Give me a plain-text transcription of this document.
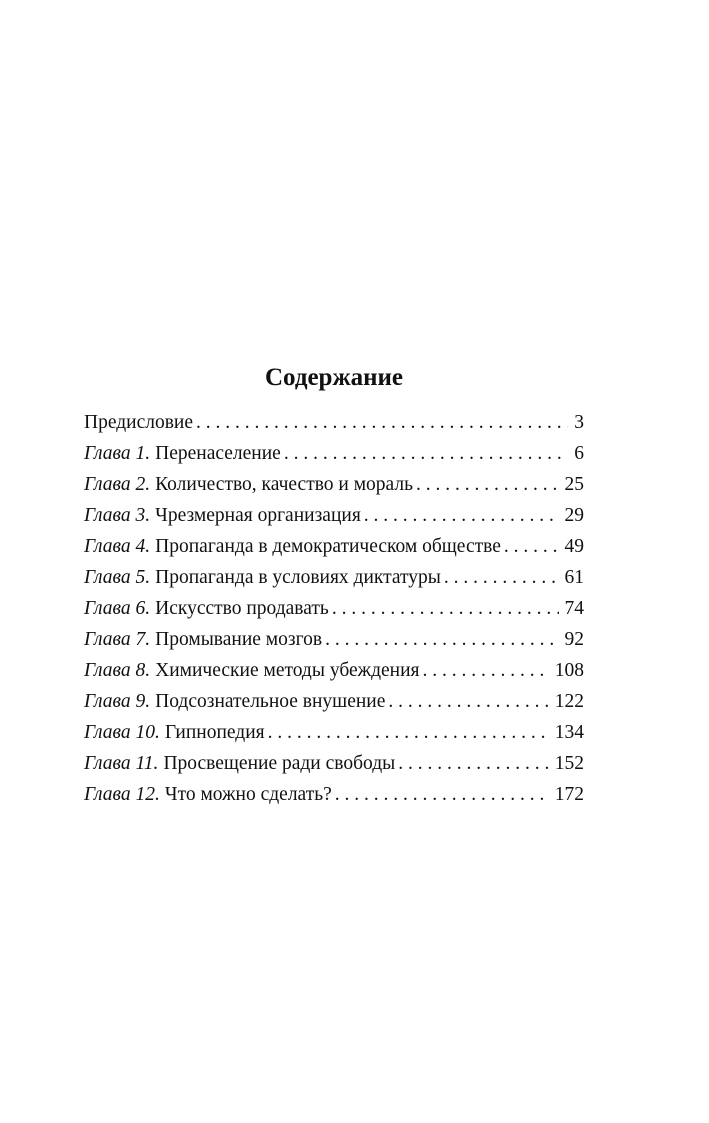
Содержание
Предисловие . . .	3
Глава 1. Перенаселение . . .	6
Глава 2. Количество, качество и мораль . . .	25
Глава 3. Чрезмерная организация . . .	29
Глава 4. Пропаганда в демократическом обществе . . .	49
Глава 5. Пропаганда в условиях диктатуры . . .	61
Глава 6. Искусство продавать . . .	74
Глава 7. Промывание мозгов . . .	92
Глава 8. Химические методы убеждения . . .	108
Глава 9. Подсознательное внушение . . .	122
Глава 10. Гипнопедия . . .	134
Глава 11. Просвещение ради свободы . . .	152
Глава 12. Что можно сделать? . . .	172
